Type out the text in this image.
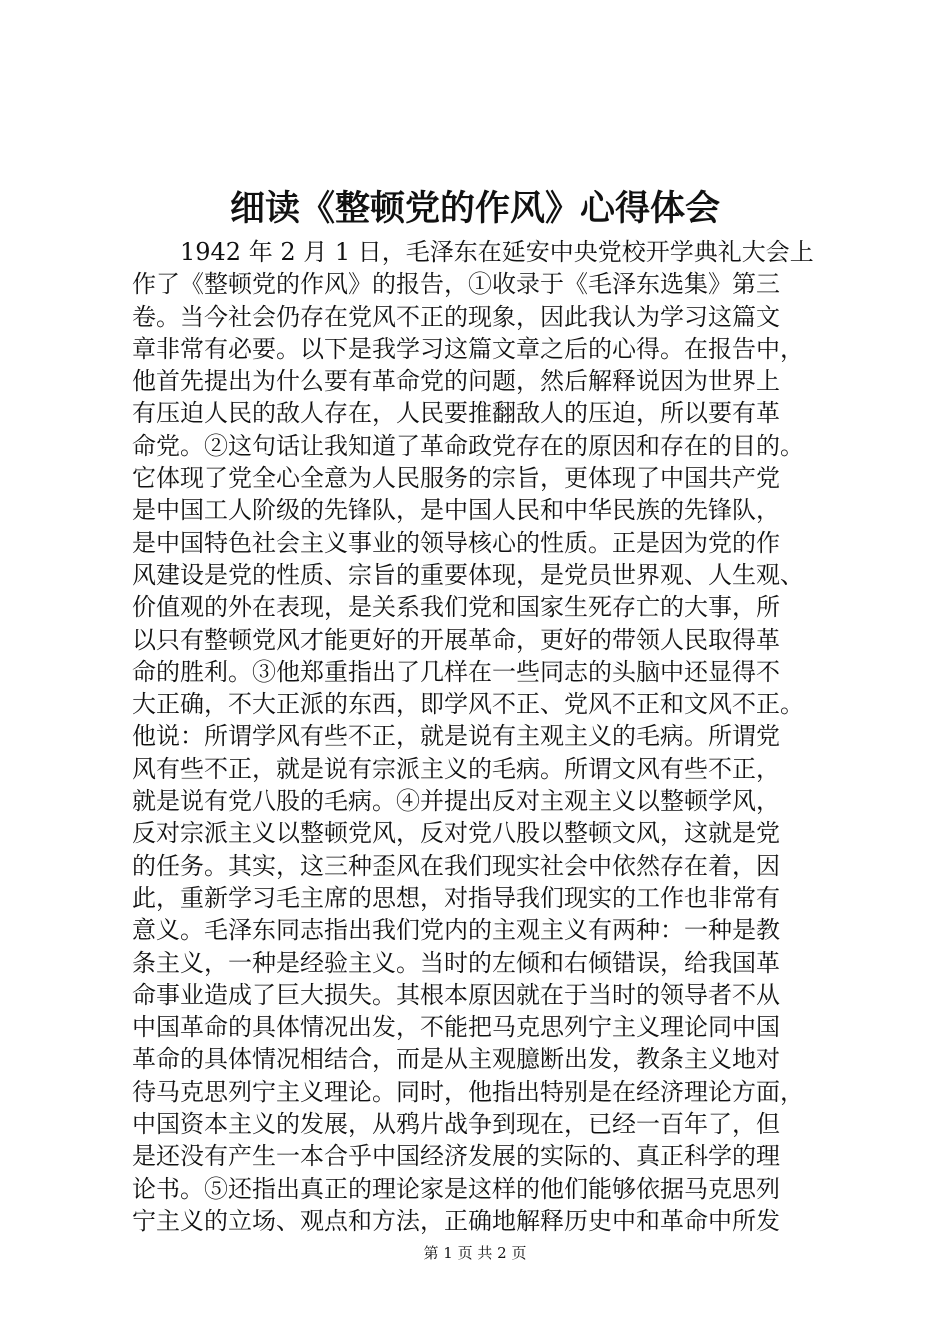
细读《整顿党的作风》心得体会
1942 年 2 月 1 日，毛泽东在延安中央党校开学典礼大会上
作了《整顿党的作风》的报告，①收录于《毛泽东选集》第三
卷。当今社会仍存在党风不正的现象，因此我认为学习这篇文
章非常有必要。以下是我学习这篇文章之后的心得。在报告中，
他首先提出为什么要有革命党的问题，然后解释说因为世界上
有压迫人民的敌人存在，人民要推翻敌人的压迫，所以要有革
命党。②这句话让我知道了革命政党存在的原因和存在的目的。
它体现了党全心全意为人民服务的宗旨，更体现了中国共产党
是中国工人阶级的先锋队，是中国人民和中华民族的先锋队，
是中国特色社会主义事业的领导核心的性质。正是因为党的作
风建设是党的性质、宗旨的重要体现，是党员世界观、人生观、
价值观的外在表现，是关系我们党和国家生死存亡的大事，所
以只有整顿党风才能更好的开展革命，更好的带领人民取得革
命的胜利。③他郑重指出了几样在一些同志的头脑中还显得不
大正确，不大正派的东西，即学风不正、党风不正和文风不正。
他说：所谓学风有些不正，就是说有主观主义的毛病。所谓党
风有些不正，就是说有宗派主义的毛病。所谓文风有些不正，
就是说有党八股的毛病。④并提出反对主观主义以整顿学风，
反对宗派主义以整顿党风，反对党八股以整顿文风，这就是党
的任务。其实，这三种歪风在我们现实社会中依然存在着，因
此，重新学习毛主席的思想，对指导我们现实的工作也非常有
意义。毛泽东同志指出我们党内的主观主义有两种：一种是教
条主义，一种是经验主义。当时的左倾和右倾错误，给我国革
命事业造成了巨大损失。其根本原因就在于当时的领导者不从
中国革命的具体情况出发，不能把马克思列宁主义理论同中国
革命的具体情况相结合，而是从主观臆断出发，教条主义地对
待马克思列宁主义理论。同时，他指出特别是在经济理论方面，
中国资本主义的发展，从鸦片战争到现在，已经一百年了，但
是还没有产生一本合乎中国经济发展的实际的、真正科学的理
论书。⑤还指出真正的理论家是这样的他们能够依据马克思列
宁主义的立场、观点和方法，正确地解释历史中和革命中所发
第 1 页 共 2 页
